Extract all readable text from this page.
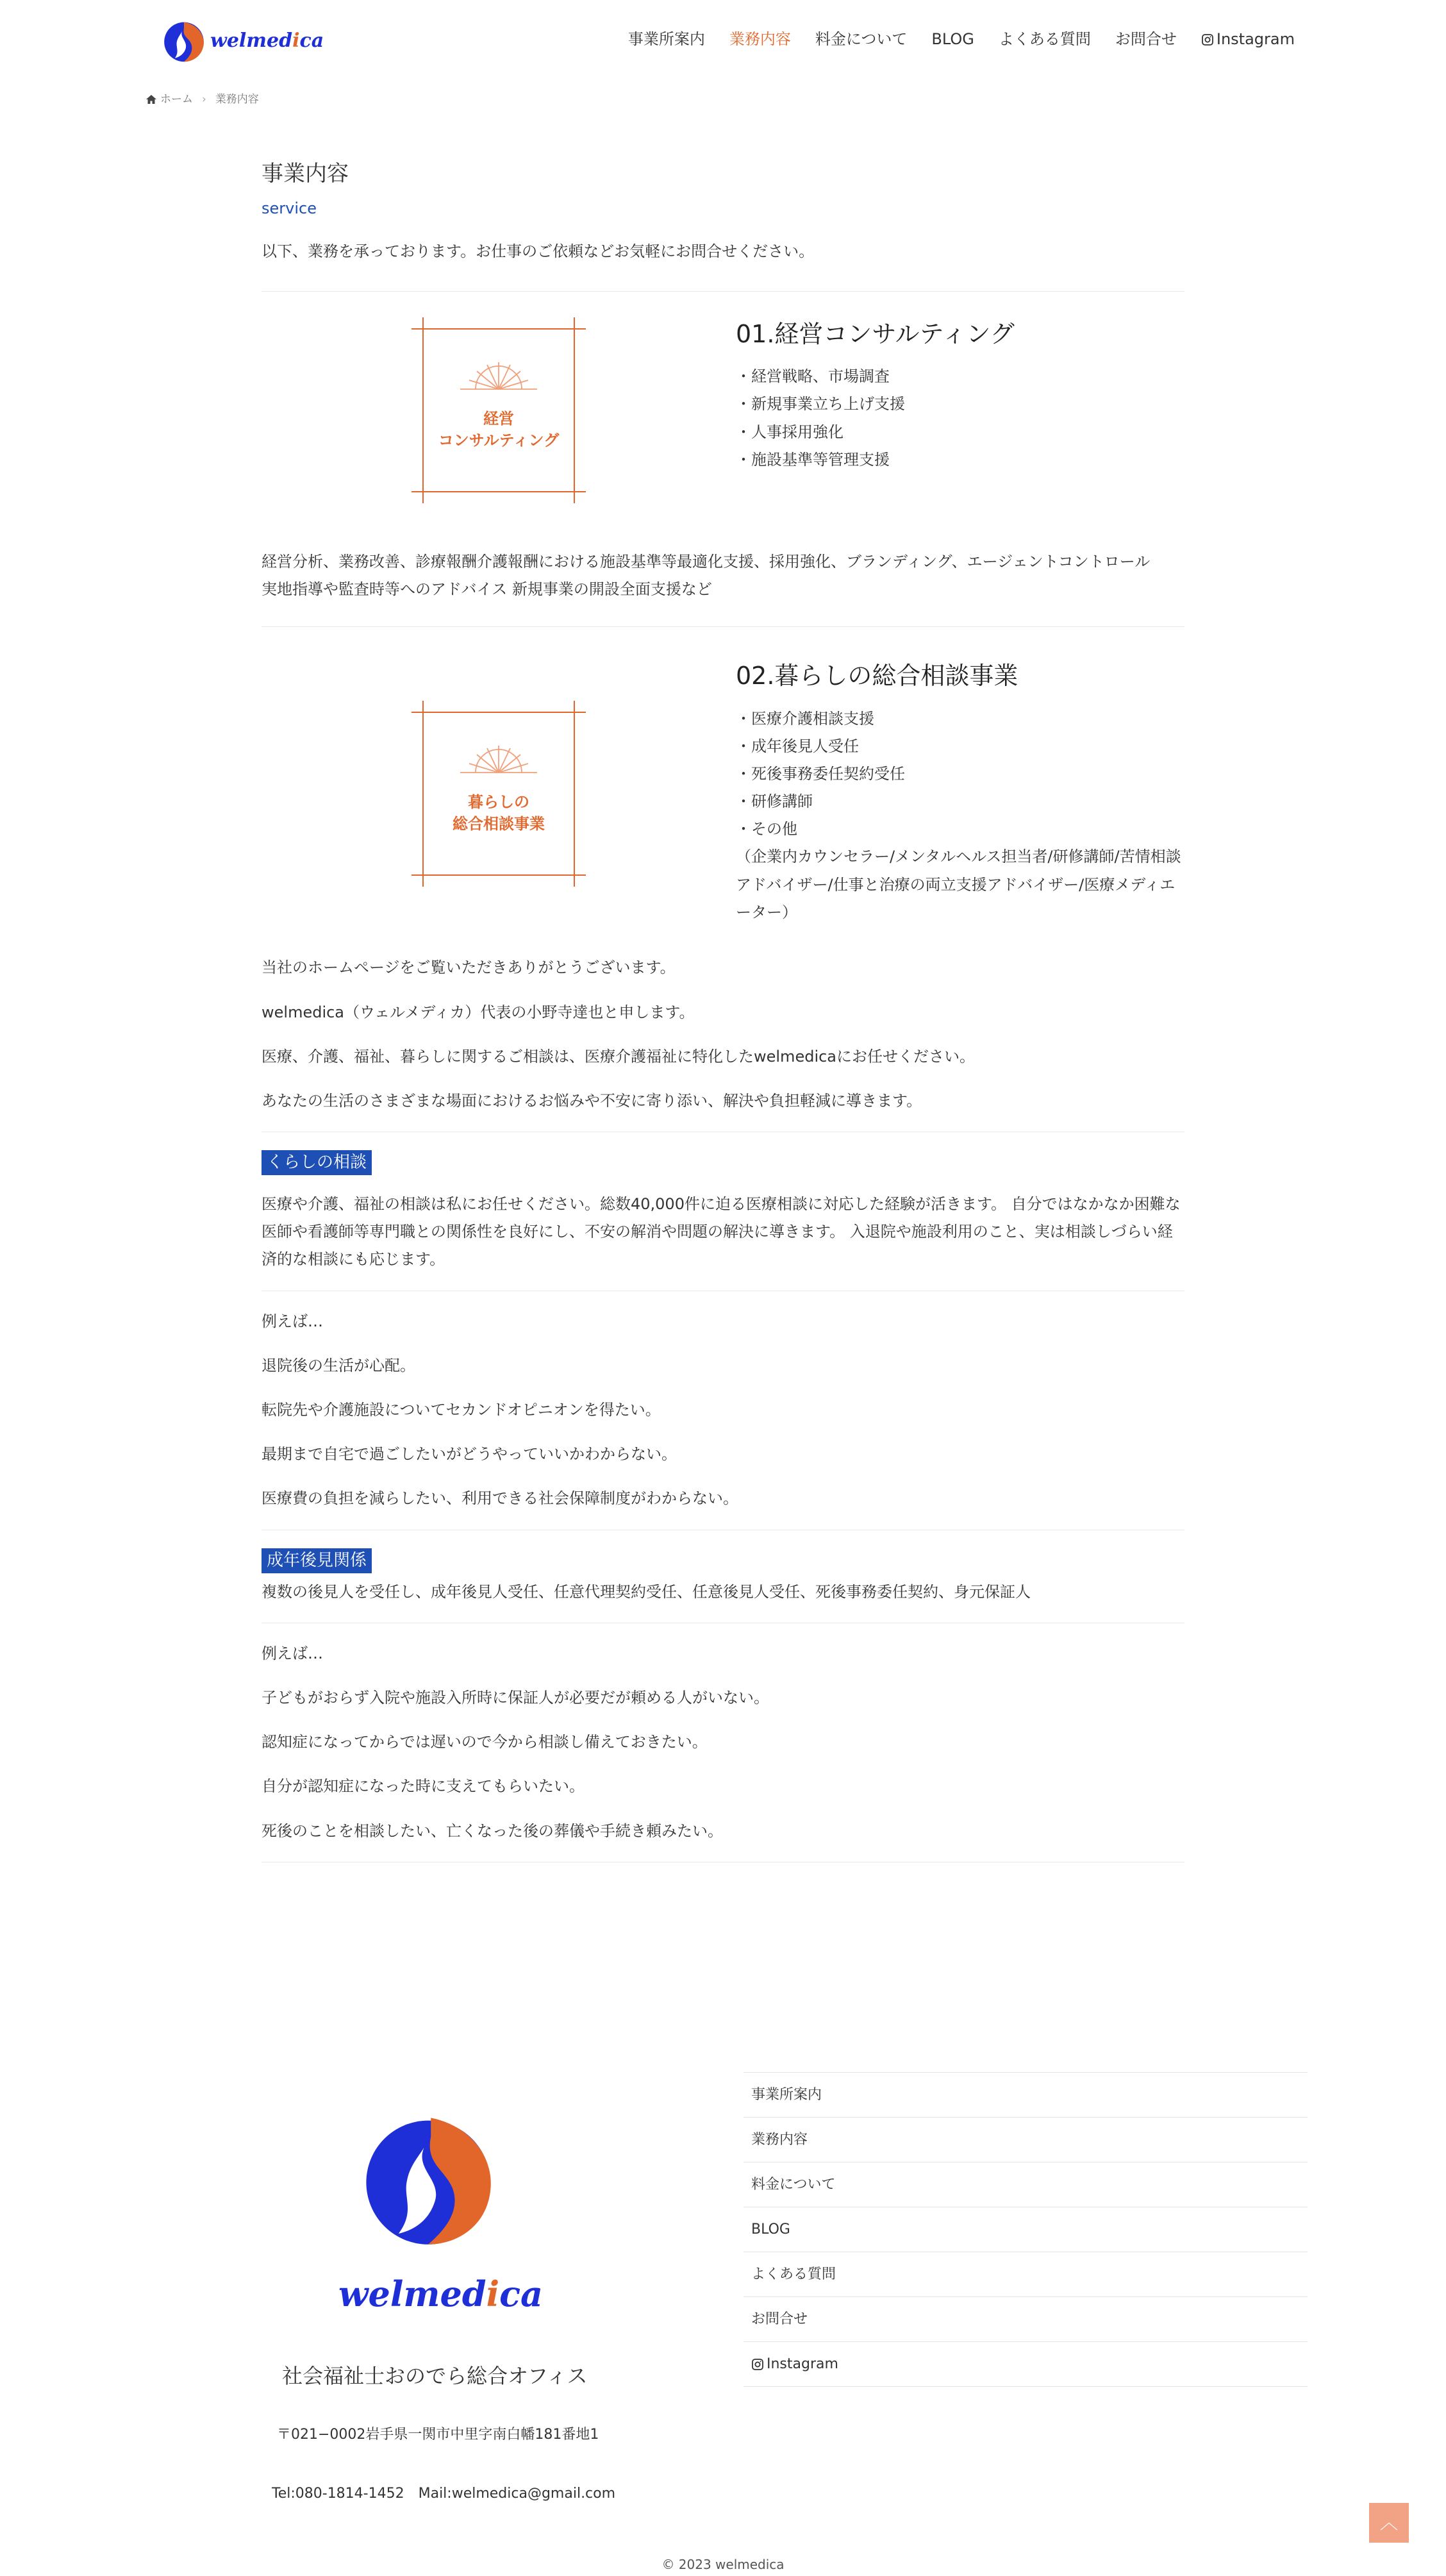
welmedica	事業所案内 業務内容 料金について BLOG よくある質問 お問合せ	Instagram
ホーム › 業務内容
事業内容
service

以下、業務を承っております。お仕事のご依頼などお気軽にお問合せください。

経営
コンサルティング
01.経営コンサルティング
・経営戦略、市場調査
・新規事業立ち上げ支援
・人事採用強化
・施設基準等管理支援
経営分析、業務改善、診療報酬介護報酬における施設基準等最適化支援、採用強化、ブランディング、エージェントコントロール
実地指導や監査時等へのアドバイス 新規事業の開設全面支援など
暮らしの
総合相談事業
02.暮らしの総合相談事業
・医療介護相談支援
・成年後見人受任
・死後事務委任契約受任
・研修講師
・その他
（企業内カウンセラー/メンタルヘルス担当者/研修講師/苦情相談アドバイザー/仕事と治療の両立支援アドバイザー/医療メディエーター）

当社のホームページをご覧いただきありがとうございます。

welmedica（ウェルメディカ）代表の小野寺達也と申します。

医療、介護、福祉、暮らしに関するご相談は、医療介護福祉に特化したwelmedicaにお任せください。

あなたの生活のさまざまな場面におけるお悩みや不安に寄り添い、解決や負担軽減に導きます。

くらしの相談

医療や介護、福祉の相談は私にお任せください。総数40,000件に迫る医療相談に対応した経験が活きます。 自分ではなかなか困難な医師や看護師等専門職との関係性を良好にし、不安の解消や問題の解決に導きます。 入退院や施設利用のこと、実は相談しづらい経済的な相談にも応じます。

例えば…

退院後の生活が心配。

転院先や介護施設についてセカンドオピニオンを得たい。

最期まで自宅で過ごしたいがどうやっていいかわからない。

医療費の負担を減らしたい、利用できる社会保障制度がわからない。

成年後見関係

複数の後見人を受任し、成年後見人受任、任意代理契約受任、任意後見人受任、死後事務委任契約、身元保証人

例えば…

子どもがおらず入院や施設入所時に保証人が必要だが頼める人がいない。

認知症になってからでは遅いので今から相談し備えておきたい。

自分が認知症になった時に支えてもらいたい。

死後のことを相談したい、亡くなった後の葬儀や手続き頼みたい。

welmedica
社会福祉士おのでら総合オフィス
〒021−0002岩手県一関市中里字南白幡181番地1
Tel:080-1814-1452　Mail:welmedica@gmail.com
事業所案内
業務内容
料金について
BLOG
よくある質問
お問合せ
Instagram
︿
© 2023 welmedica
